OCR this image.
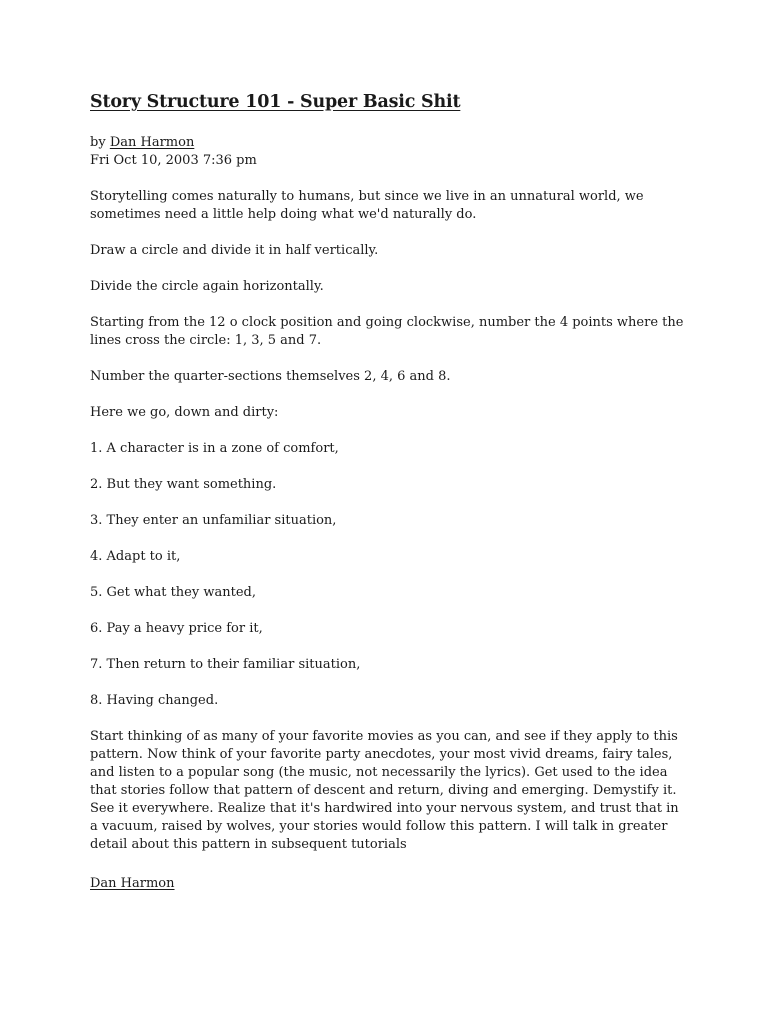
Story Structure 101 - Super Basic Shit
by Dan Harmon
Fri Oct 10, 2003 7:36 pm

Storytelling comes naturally to humans, but since we live in an unnatural world, we sometimes need a little help doing what we'd naturally do.

Draw a circle and divide it in half vertically.

Divide the circle again horizontally.

Starting from the 12 o clock position and going clockwise, number the 4 points where the lines cross the circle: 1, 3, 5 and 7.

Number the quarter-sections themselves 2, 4, 6 and 8.

Here we go, down and dirty:

1. A character is in a zone of comfort,

2. But they want something.

3. They enter an unfamiliar situation,

4. Adapt to it,

5. Get what they wanted,

6. Pay a heavy price for it,

7. Then return to their familiar situation,

8. Having changed.

Start thinking of as many of your favorite movies as you can, and see if they apply to this pattern. Now think of your favorite party anecdotes, your most vivid dreams, fairy tales, and listen to a popular song (the music, not necessarily the lyrics). Get used to the idea that stories follow that pattern of descent and return, diving and emerging. Demystify it. See it everywhere. Realize that it's hardwired into your nervous system, and trust that in a vacuum, raised by wolves, your stories would follow this pattern. I will talk in greater detail about this pattern in subsequent tutorials

Dan Harmon
